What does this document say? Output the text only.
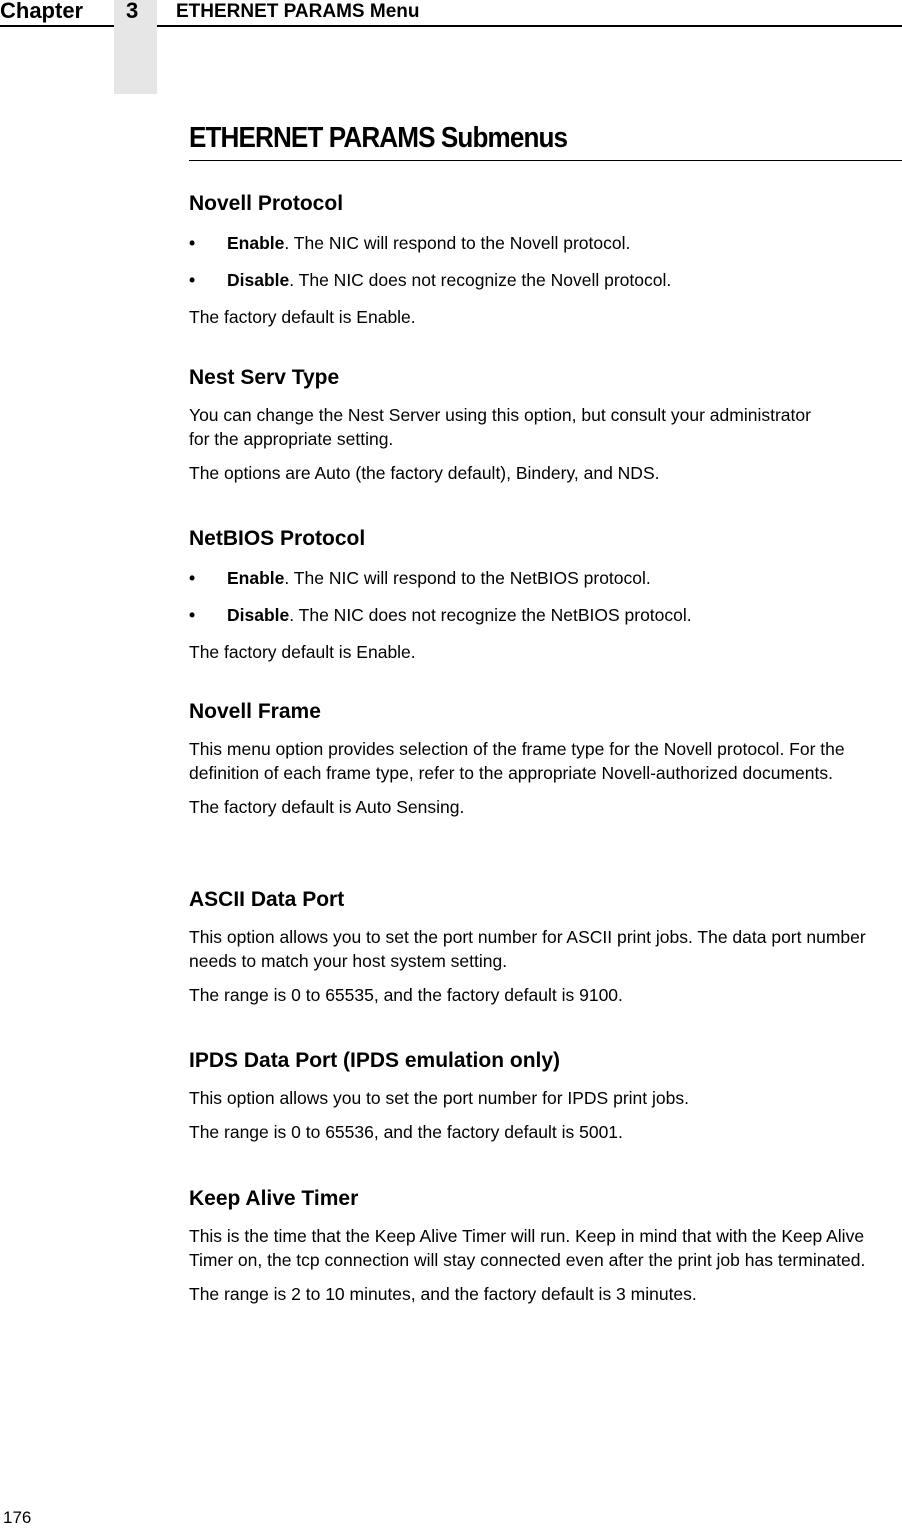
Chapter 3 ETHERNET PARAMS Menu
ETHERNET PARAMS Submenus
Novell Protocol
• Enable. The NIC will respond to the Novell protocol.
• Disable. The NIC does not recognize the Novell protocol.

The factory default is Enable.

Nest Serv Type

You can change the Nest Server using this option, but consult your administrator for the appropriate setting.

The options are Auto (the factory default), Bindery, and NDS.

NetBIOS Protocol
• Enable. The NIC will respond to the NetBIOS protocol.
• Disable. The NIC does not recognize the NetBIOS protocol.

The factory default is Enable.

Novell Frame

This menu option provides selection of the frame type for the Novell protocol. For the definition of each frame type, refer to the appropriate Novell-authorized documents.

The factory default is Auto Sensing.

ASCII Data Port

This option allows you to set the port number for ASCII print jobs. The data port number needs to match your host system setting.

The range is 0 to 65535, and the factory default is 9100.

IPDS Data Port (IPDS emulation only)

This option allows you to set the port number for IPDS print jobs.

The range is 0 to 65536, and the factory default is 5001.

Keep Alive Timer

This is the time that the Keep Alive Timer will run. Keep in mind that with the Keep Alive Timer on, the tcp connection will stay connected even after the print job has terminated.

The range is 2 to 10 minutes, and the factory default is 3 minutes.

176
